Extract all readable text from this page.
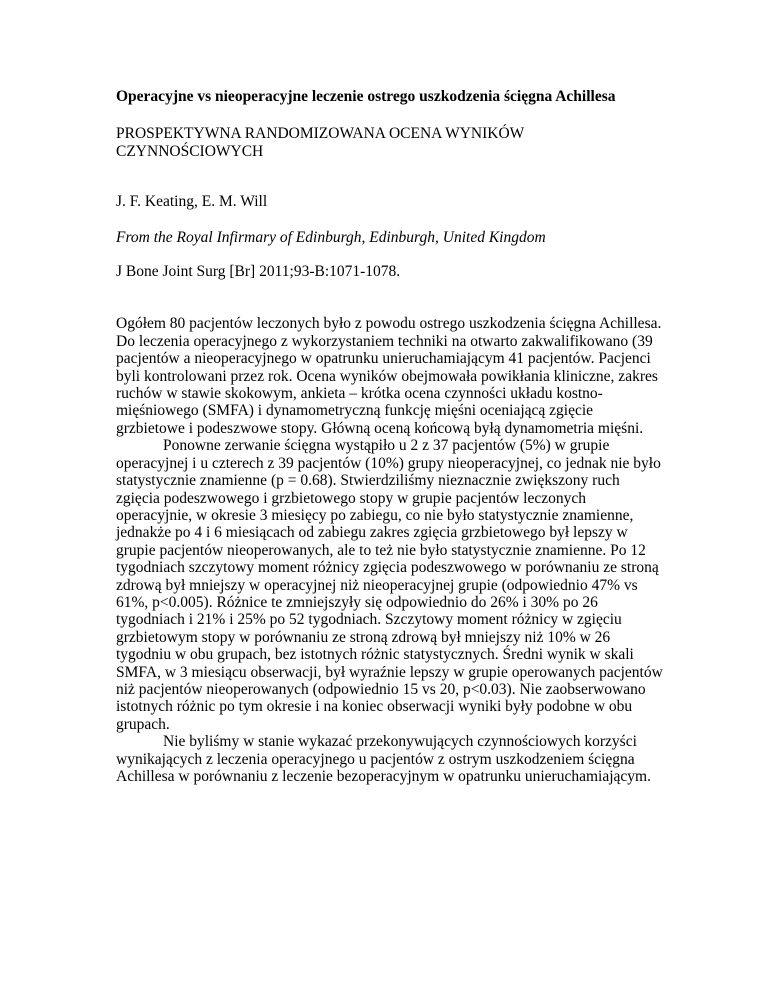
Operacyjne vs nieoperacyjne leczenie ostrego uszkodzenia ścięgna Achillesa

PROSPEKTYWNA RANDOMIZOWANA OCENA WYNIKÓW CZYNNOŚCIOWYCH

J. F. Keating, E. M. Will

From the Royal Infirmary of Edinburgh, Edinburgh, United Kingdom

J Bone Joint Surg [Br] 2011;93-B:1071-1078.

Ogółem 80 pacjentów leczonych było z powodu ostrego uszkodzenia ścięgna Achillesa. Do leczenia operacyjnego z wykorzystaniem techniki na otwarto zakwalifikowano (39 pacjentów a nieoperacyjnego w opatrunku unieruchamiającym 41 pacjentów. Pacjenci byli kontrolowani przez rok. Ocena wyników obejmowała powikłania kliniczne, zakres ruchów w stawie skokowym, ankieta – krótka ocena czynności układu kostno-mięśniowego (SMFA) i dynamometryczną funkcję mięśni oceniającą zgięcie grzbietowe i podeszwowe stopy. Główną oceną końcową byłą dynamometria mięśni.

Ponowne zerwanie ścięgna wystąpiło u 2 z 37 pacjentów (5%) w grupie operacyjnej i u czterech z 39 pacjentów (10%) grupy nieoperacyjnej, co jednak nie było statystycznie znamienne (p = 0.68). Stwierdziliśmy nieznacznie zwiększony ruch zgięcia podeszwowego i grzbietowego stopy w grupie pacjentów leczonych operacyjnie, w okresie 3 miesięcy po zabiegu, co nie było statystycznie znamienne, jednakże po 4 i 6 miesiącach od zabiegu zakres zgięcia grzbietowego był lepszy w grupie pacjentów nieoperowanych, ale to też nie było statystycznie znamienne. Po 12 tygodniach szczytowy moment różnicy zgięcia podeszwowego w porównaniu ze stroną zdrową był mniejszy w operacyjnej niż nieoperacyjnej grupie (odpowiednio 47% vs 61%, p<0.005). Różnice te zmniejszyły się odpowiednio do 26% i 30% po 26 tygodniach i 21% i 25% po 52 tygodniach. Szczytowy moment różnicy w zgięciu grzbietowym stopy w porównaniu ze stroną zdrową był mniejszy niż 10% w 26 tygodniu w obu grupach, bez istotnych różnic statystycznych. Średni wynik w skali SMFA, w 3 miesiącu obserwacji, był wyraźnie lepszy w grupie operowanych pacjentów niż pacjentów nieoperowanych (odpowiednio 15 vs 20, p<0.03). Nie zaobserwowano istotnych różnic po tym okresie i na koniec obserwacji wyniki były podobne w obu grupach.

Nie byliśmy w stanie wykazać przekonywujących czynnościowych korzyści wynikających z leczenia operacyjnego u pacjentów z ostrym uszkodzeniem ścięgna Achillesa w porównaniu z leczenie bezoperacyjnym w opatrunku unieruchamiającym.
